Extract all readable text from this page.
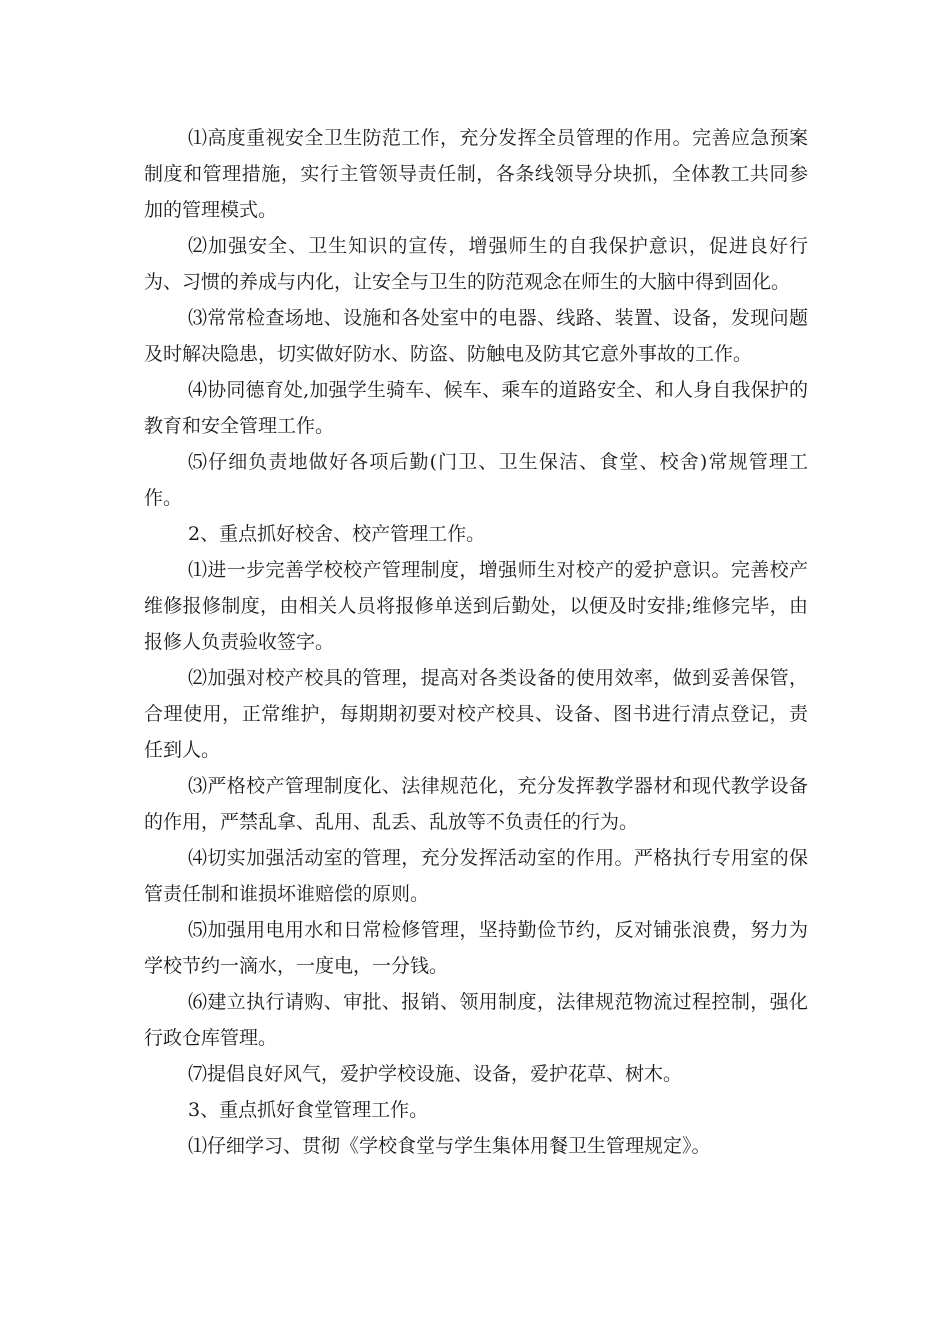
⑴高度重视安全卫生防范工作，充分发挥全员管理的作用。完善应急预案制度和管理措施，实行主管领导责任制，各条线领导分块抓，全体教工共同参加的管理模式。

⑵加强安全、卫生知识的宣传，增强师生的自我保护意识，促进良好行为、习惯的养成与内化，让安全与卫生的防范观念在师生的大脑中得到固化。

⑶常常检查场地、设施和各处室中的电器、线路、装置、设备，发现问题及时解决隐患，切实做好防水、防盗、防触电及防其它意外事故的工作。

⑷协同德育处,加强学生骑车、候车、乘车的道路安全、和人身自我保护的教育和安全管理工作。

⑸仔细负责地做好各项后勤(门卫、卫生保洁、食堂、校舍)常规管理工作。

2、重点抓好校舍、校产管理工作。

⑴进一步完善学校校产管理制度，增强师生对校产的爱护意识。完善校产维修报修制度，由相关人员将报修单送到后勤处，以便及时安排;维修完毕，由报修人负责验收签字。

⑵加强对校产校具的管理，提高对各类设备的使用效率，做到妥善保管，合理使用，正常维护，每期期初要对校产校具、设备、图书进行清点登记，责任到人。

⑶严格校产管理制度化、法律规范化，充分发挥教学器材和现代教学设备的作用，严禁乱拿、乱用、乱丢、乱放等不负责任的行为。

⑷切实加强活动室的管理，充分发挥活动室的作用。严格执行专用室的保管责任制和谁损坏谁赔偿的原则。

⑸加强用电用水和日常检修管理，坚持勤俭节约，反对铺张浪费，努力为学校节约一滴水，一度电，一分钱。

⑹建立执行请购、审批、报销、领用制度，法律规范物流过程控制，强化行政仓库管理。

⑺提倡良好风气，爱护学校设施、设备，爱护花草、树木。

3、重点抓好食堂管理工作。

⑴仔细学习、贯彻《学校食堂与学生集体用餐卫生管理规定》。
